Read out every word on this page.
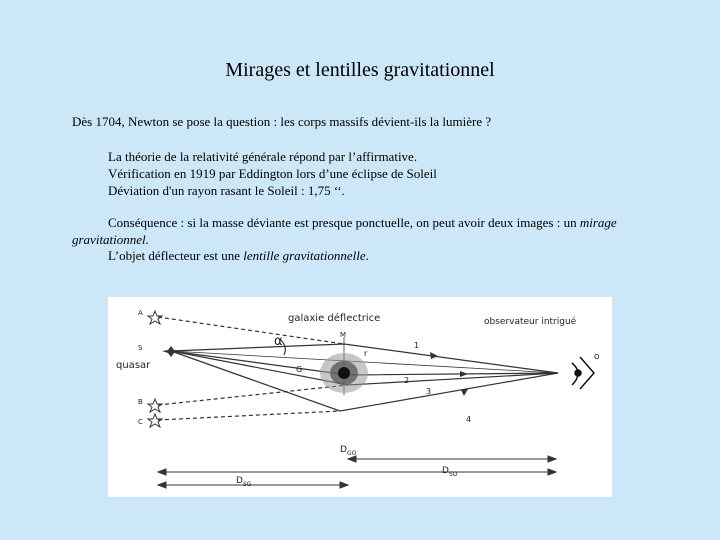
Mirages et lentilles gravitationnel
Dès 1704, Newton se pose la question : les corps massifs dévient-ils la lumière ?
La théorie de la relativité générale répond par l’affirmative.
Vérification en 1919 par Eddington lors d’une éclipse de Soleil
Déviation d'un rayon rasant le Soleil : 1,75 ‘‘.
Conséquence : si la masse déviante est presque ponctuelle, on peut avoir deux images : un mirage
gravitationnel.
L’objet déflecteur est une lentille gravitationnelle.
A
S
B
C
quasar
galaxie déflectrice	observateur intrigué
M
O
G
r
α	1
2
3
4
$D_{GO}$
$D_{SO}$
$D_{SG}$
